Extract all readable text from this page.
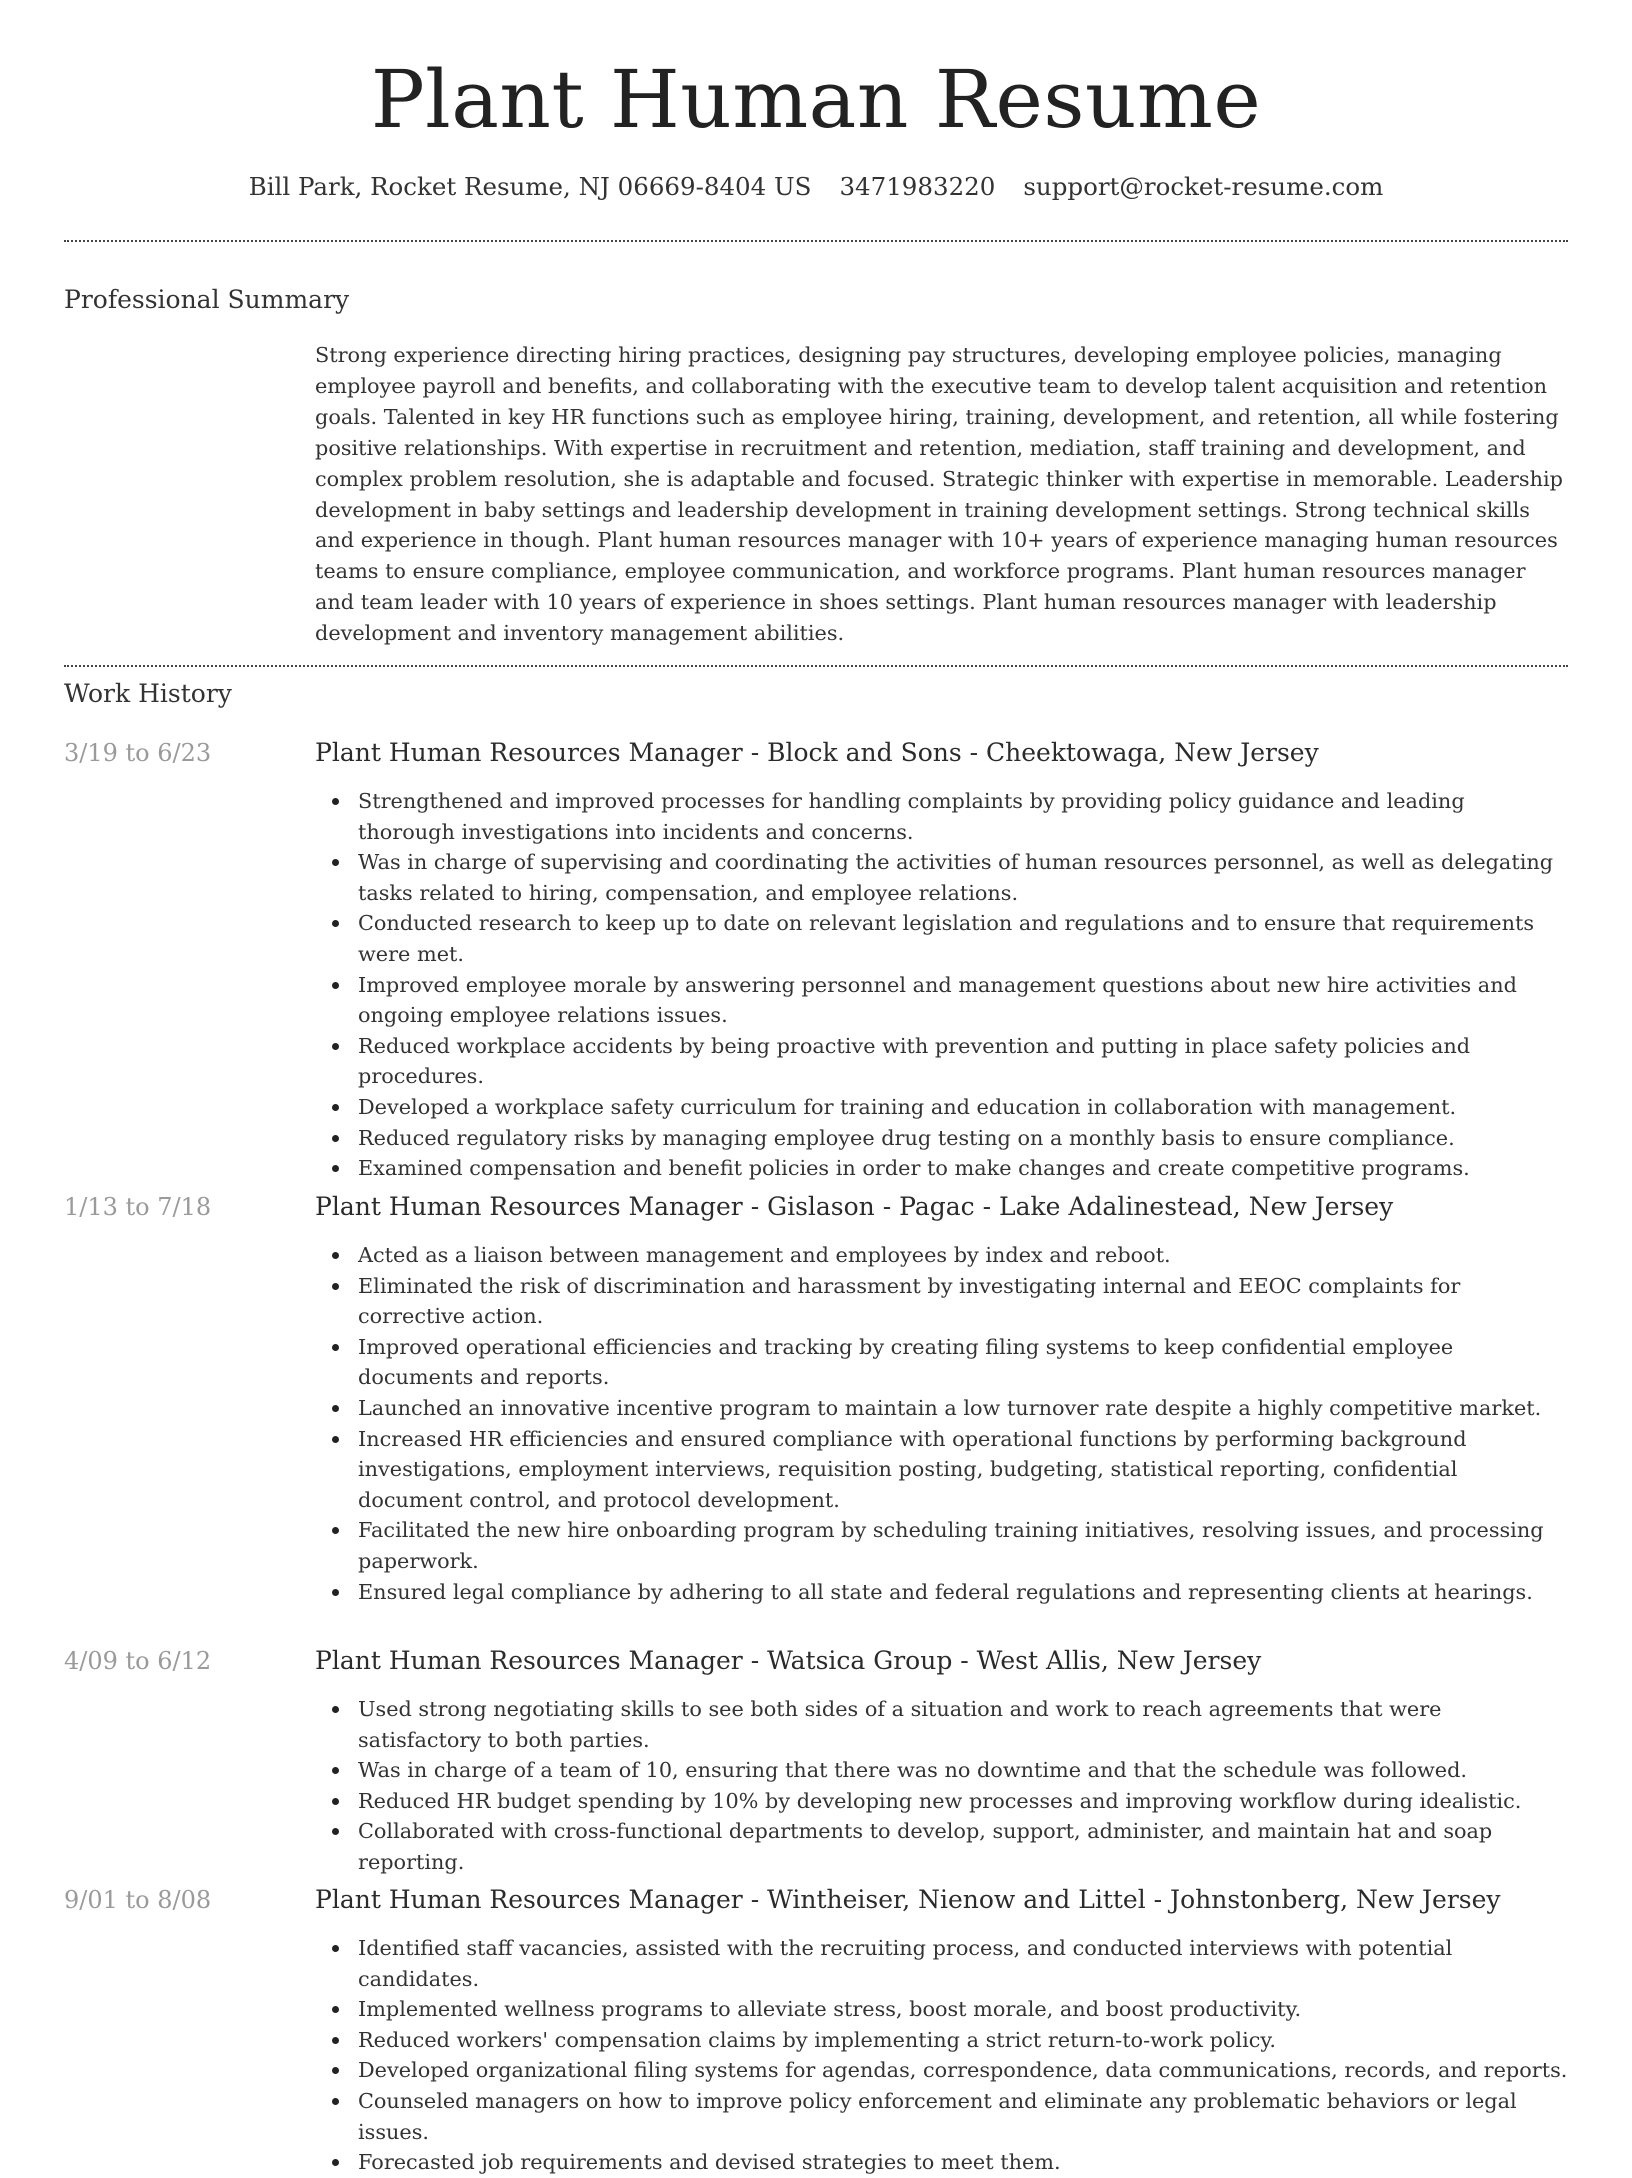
Plant Human Resume
Bill Park, Rocket Resume, NJ 06669-8404 US 3471983220 support@rocket-resume.com
Professional Summary

Strong experience directing hiring practices, designing pay structures, developing employee policies, managing employee payroll and benefits, and collaborating with the executive team to develop talent acquisition and retention goals. Talented in key HR functions such as employee hiring, training, development, and retention, all while fostering positive relationships. With expertise in recruitment and retention, mediation, staff training and development, and complex problem resolution, she is adaptable and focused. Strategic thinker with expertise in memorable. Leadership development in baby settings and leadership development in training development settings. Strong technical skills and experience in though. Plant human resources manager with 10+ years of experience managing human resources teams to ensure compliance, employee communication, and workforce programs. Plant human resources manager and team leader with 10 years of experience in shoes settings. Plant human resources manager with leadership development and inventory management abilities.

Work History
3/19 to 6/23	Plant Human Resources Manager - Block and Sons - Cheektowaga, New Jersey
Strengthened and improved processes for handling complaints by providing policy guidance and leading thorough investigations into incidents and concerns.
Was in charge of supervising and coordinating the activities of human resources personnel, as well as delegating tasks related to hiring, compensation, and employee relations.
Conducted research to keep up to date on relevant legislation and regulations and to ensure that requirements were met.
Improved employee morale by answering personnel and management questions about new hire activities and ongoing employee relations issues.
Reduced workplace accidents by being proactive with prevention and putting in place safety policies and procedures.
Developed a workplace safety curriculum for training and education in collaboration with management.
Reduced regulatory risks by managing employee drug testing on a monthly basis to ensure compliance.
Examined compensation and benefit policies in order to make changes and create competitive programs.
1/13 to 7/18	Plant Human Resources Manager - Gislason - Pagac - Lake Adalinestead, New Jersey
Acted as a liaison between management and employees by index and reboot.
Eliminated the risk of discrimination and harassment by investigating internal and EEOC complaints for corrective action.
Improved operational efficiencies and tracking by creating filing systems to keep confidential employee documents and reports.
Launched an innovative incentive program to maintain a low turnover rate despite a highly competitive market.
Increased HR efficiencies and ensured compliance with operational functions by performing background investigations, employment interviews, requisition posting, budgeting, statistical reporting, confidential document control, and protocol development.
Facilitated the new hire onboarding program by scheduling training initiatives, resolving issues, and processing paperwork.
Ensured legal compliance by adhering to all state and federal regulations and representing clients at hearings.
4/09 to 6/12	Plant Human Resources Manager - Watsica Group - West Allis, New Jersey
Used strong negotiating skills to see both sides of a situation and work to reach agreements that were satisfactory to both parties.
Was in charge of a team of 10, ensuring that there was no downtime and that the schedule was followed.
Reduced HR budget spending by 10% by developing new processes and improving workflow during idealistic.
Collaborated with cross-functional departments to develop, support, administer, and maintain hat and soap reporting.
9/01 to 8/08	Plant Human Resources Manager - Wintheiser, Nienow and Littel - Johnstonberg, New Jersey
Identified staff vacancies, assisted with the recruiting process, and conducted interviews with potential candidates.
Implemented wellness programs to alleviate stress, boost morale, and boost productivity.
Reduced workers' compensation claims by implementing a strict return-to-work policy.
Developed organizational filing systems for agendas, correspondence, data communications, records, and reports.
Counseled managers on how to improve policy enforcement and eliminate any problematic behaviors or legal issues.
Forecasted job requirements and devised strategies to meet them.
